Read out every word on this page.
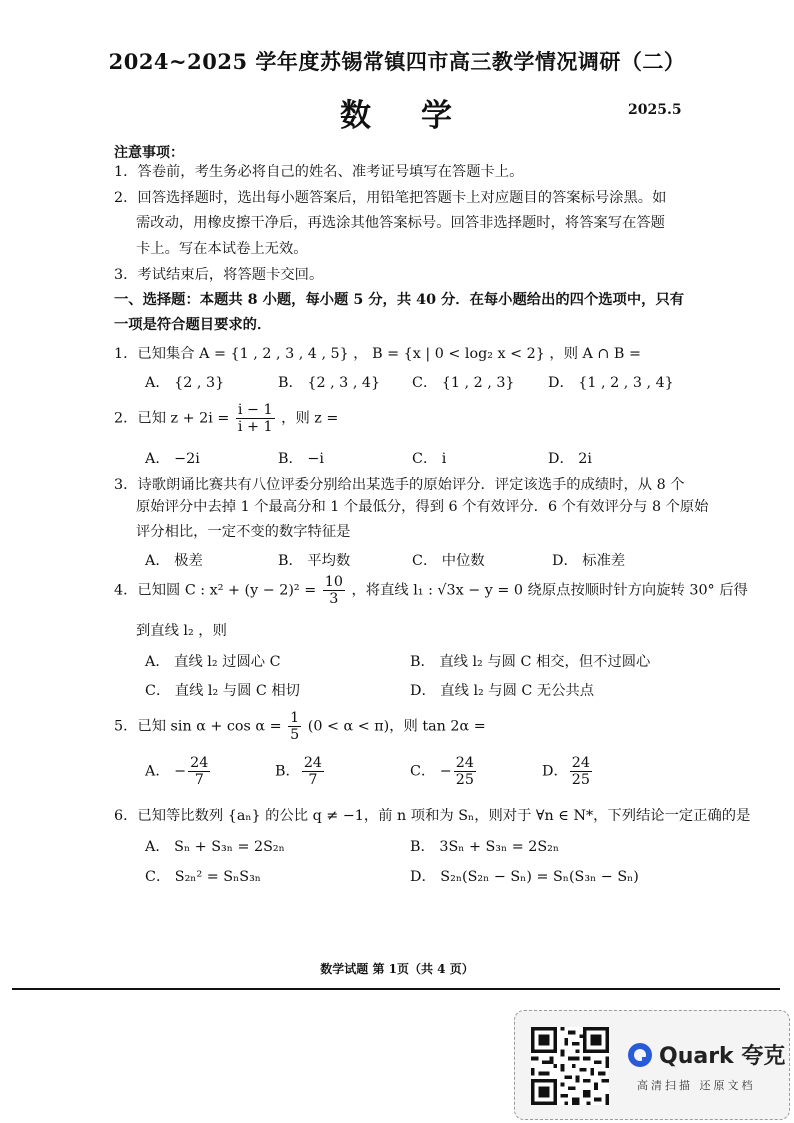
2024~2025 学年度苏锡常镇四市高三教学情况调研（二）
数 学	2025.5
注意事项：
1．答卷前，考生务必将自己的姓名、准考证号填写在答题卡上。
2．回答选择题时，选出每小题答案后，用铅笔把答题卡上对应题目的答案标号涂黑。如
需改动，用橡皮擦干净后，再选涂其他答案标号。回答非选择题时，将答案写在答题
卡上。写在本试卷上无效。
3．考试结束后，将答题卡交回。
一、选择题：本题共 8 小题，每小题 5 分，共 40 分．在每小题给出的四个选项中，只有
一项是符合题目要求的．
1．已知集合 A = {1 , 2 , 3 , 4 , 5} ， B = {x | 0 < log₂ x < 2} ，则 A ∩ B =
A． {2 , 3}	B． {2 , 3 , 4} C． {1 , 2 , 3} D． {1 , 2 , 3 , 4}
2．已知 $z + 2i = \frac{i - 1}{i + 1}$ ，则 z =
A． −2i	B． −i	C． i	D． 2i
3．诗歌朗诵比赛共有八位评委分别给出某选手的原始评分．评定该选手的成绩时，从 8 个
原始评分中去掉 1 个最高分和 1 个最低分，得到 6 个有效评分．6 个有效评分与 8 个原始
评分相比，一定不变的数字特征是
A． 极差	B． 平均数	C． 中位数	D． 标准差
4．已知圆 C : $x^2 + (y - 2)^2 = \frac{10}{3}$ ，将直线 l₁ : √3x − y = 0 绕原点按顺时针方向旋转 30° 后得
到直线 l₂ ，则
A． 直线 l₂ 过圆心 C	B． 直线 l₂ 与圆 C 相交，但不过圆心
C． 直线 l₂ 与圆 C 相切	D． 直线 l₂ 与圆 C 无公共点
5．已知 $\sin \alpha + \cos \alpha = \frac{1}{5} (0 < \alpha < \pi)$，则 tan 2α =
A． − $\frac{24}{7}$	B． $\frac{24}{7}$	C． − $\frac{24}{25}$	D． $\frac{24}{25}$
6．已知等比数列 {aₙ} 的公比 q ≠ −1，前 n 项和为 Sₙ，则对于 ∀n ∈ N*，下列结论一定正确的是
A． Sₙ + S₃ₙ = 2S₂ₙ	B． 3Sₙ + S₃ₙ = 2S₂ₙ
C． S₂ₙ² = SₙS₃ₙ	D． S₂ₙ(S₂ₙ − Sₙ) = Sₙ(S₃ₙ − Sₙ)
数学试题 第 1页（共 4 页）
Quark 夸克
高清扫描 还原文档
